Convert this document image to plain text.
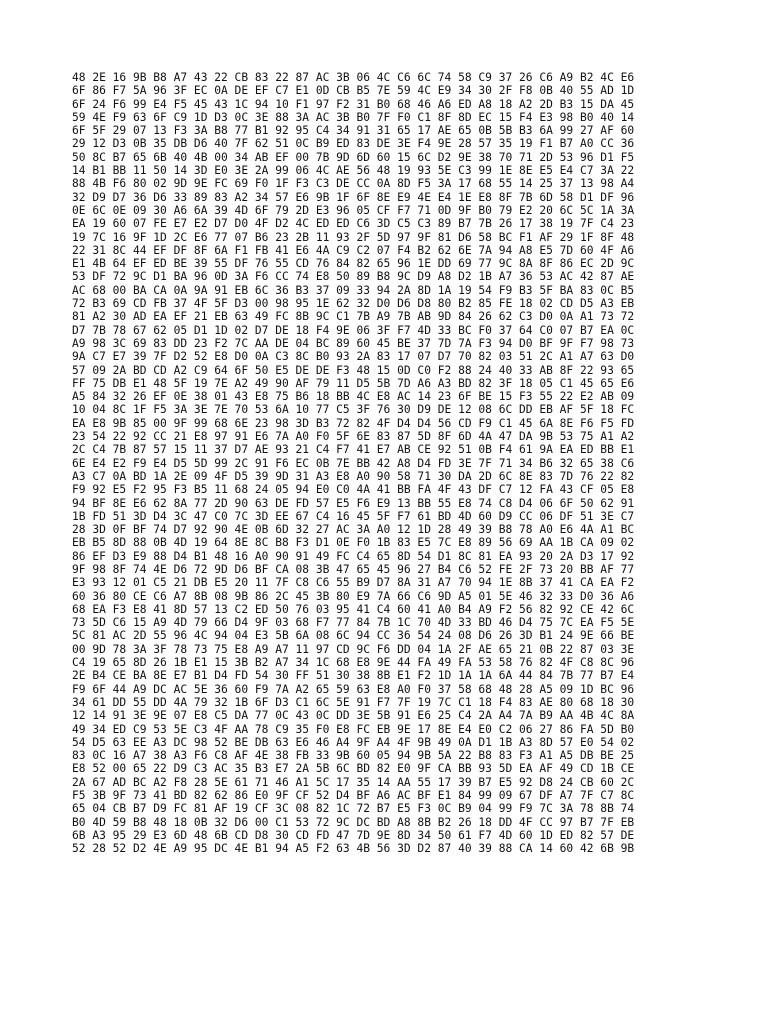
48 2E 16 9B B8 A7 43 22 CB 83 22 87 AC 3B 06 4C C6 6C 74 58 C9 37 26 C6 A9 B2 4C E6
6F 86 F7 5A 96 3F EC 0A DE EF C7 E1 0D CB B5 7E 59 4C E9 34 30 2F F8 0B 40 55 AD 1D
6F 24 F6 99 E4 F5 45 43 1C 94 10 F1 97 F2 31 B0 68 46 A6 ED A8 18 A2 2D B3 15 DA 45
59 4E F9 63 6F C9 1D D3 0C 3E 88 3A AC 3B B0 7F F0 C1 8F 8D EC 15 F4 E3 98 B0 40 14
6F 5F 29 07 13 F3 3A B8 77 B1 92 95 C4 34 91 31 65 17 AE 65 0B 5B B3 6A 99 27 AF 60
29 12 D3 0B 35 DB D6 40 7F 62 51 0C B9 ED 83 DE 3E F4 9E 28 57 35 19 F1 B7 A0 CC 36
50 8C B7 65 6B 40 4B 00 34 AB EF 00 7B 9D 6D 60 15 6C D2 9E 38 70 71 2D 53 96 D1 F5
14 B1 BB 11 50 14 3D E0 3E 2A 99 06 4C AE 56 48 19 93 5E C3 99 1E 8E E5 E4 C7 3A 22
88 4B F6 80 02 9D 9E FC 69 F0 1F F3 C3 DE CC 0A 8D F5 3A 17 68 55 14 25 37 13 98 A4
32 D9 D7 36 D6 33 89 83 A2 34 57 E6 9B 1F 6F 8E E9 4E E4 1E E8 8F 7B 6D 58 D1 DF 96
0E 6C 0E 09 30 A6 6A 39 4D 6F 79 2D E3 96 05 CF F7 71 0D 9F B0 79 E2 20 6C 5C 1A 3A
EA 19 60 07 FE E7 E2 D7 D0 4F D2 4C ED ED C6 3D C5 C3 89 B7 7B 26 17 38 19 7F C4 23
19 7C 16 9F 1D 2C E6 77 07 B6 23 2B 11 93 2F 5D 97 9F 81 D6 58 BC F1 AF 29 1F 8F 48
22 31 8C 44 EF DF 8F 6A F1 FB 41 E6 4A C9 C2 07 F4 B2 62 6E 7A 94 A8 E5 7D 60 4F A6
E1 4B 64 EF ED BE 39 55 DF 76 55 CD 76 84 82 65 96 1E DD 69 77 9C 8A 8F 86 EC 2D 9C
53 DF 72 9C D1 BA 96 0D 3A F6 CC 74 E8 50 89 B8 9C D9 A8 D2 1B A7 36 53 AC 42 87 AE
AC 68 00 BA CA 0A 9A 91 EB 6C 36 B3 37 09 33 94 2A 8D 1A 19 54 F9 B3 5F BA 83 0C B5
72 B3 69 CD FB 37 4F 5F D3 00 98 95 1E 62 32 D0 D6 D8 80 B2 85 FE 18 02 CD D5 A3 EB
81 A2 30 AD EA EF 21 EB 63 49 FC 8B 9C C1 7B A9 7B AB 9D 84 26 62 C3 D0 0A A1 73 72
D7 7B 78 67 62 05 D1 1D 02 D7 DE 18 F4 9E 06 3F F7 4D 33 BC F0 37 64 C0 07 B7 EA 0C
A9 98 3C 69 83 DD 23 F2 7C AA DE 04 BC 89 60 45 BE 37 7D 7A F3 94 D0 BF 9F F7 98 73
9A C7 E7 39 7F D2 52 E8 D0 0A C3 8C B0 93 2A 83 17 07 D7 70 82 03 51 2C A1 A7 63 D0
57 09 2A BD CD A2 C9 64 6F 50 E5 DE DE F3 48 15 0D C0 F2 88 24 40 33 AB 8F 22 93 65
FF 75 DB E1 48 5F 19 7E A2 49 90 AF 79 11 D5 5B 7D A6 A3 BD 82 3F 18 05 C1 45 65 E6
A5 84 32 26 EF 0E 38 01 43 E8 75 B6 18 BB 4C E8 AC 14 23 6F BE 15 F3 55 22 E2 AB 09
10 04 8C 1F F5 3A 3E 7E 70 53 6A 10 77 C5 3F 76 30 D9 DE 12 08 6C DD EB AF 5F 18 FC
EA E8 9B 85 00 9F 99 68 6E 23 98 3D B3 72 82 4F D4 D4 56 CD F9 C1 45 6A 8E F6 F5 FD
23 54 22 92 CC 21 E8 97 91 E6 7A A0 F0 5F 6E 83 87 5D 8F 6D 4A 47 DA 9B 53 75 A1 A2
2C C4 7B 87 57 15 11 37 D7 AE 93 21 C4 F7 41 E7 AB CE 92 51 0B F4 61 9A EA ED BB E1
6E E4 E2 F9 E4 D5 5D 99 2C 91 F6 EC 0B 7E BB 42 A8 D4 FD 3E 7F 71 34 B6 32 65 38 C6
A3 C7 0A BD 1A 2E 09 4F D5 39 9D 31 A3 E8 A0 90 58 71 30 DA 2D 6C 8E 83 7D 76 22 82
F9 92 E5 F2 95 F3 B5 11 68 24 05 94 E0 C0 4A 41 BB FA 4F 43 DF C7 12 FA 43 CF 05 E8
94 BF 8E E6 62 8A 77 2D 90 63 DE FD 57 E5 F6 E9 13 BB 55 E8 74 C8 D4 06 6F 50 62 91
1B FD 51 3D D4 3C 47 C0 7C 3D EE 67 C4 16 45 5F F7 61 BD 4D 60 D9 CC 06 DF 51 3E C7
28 3D 0F BF 74 D7 92 90 4E 0B 6D 32 27 AC 3A A0 12 1D 28 49 39 B8 78 A0 E6 4A A1 BC
EB B5 8D 88 0B 4D 19 64 8E 8C B8 F3 D1 0E F0 1B 83 E5 7C E8 89 56 69 AA 1B CA 09 02
86 EF D3 E9 88 D4 B1 48 16 A0 90 91 49 FC C4 65 8D 54 D1 8C 81 EA 93 20 2A D3 17 92
9F 98 8F 74 4E D6 72 9D D6 BF CA 08 3B 47 65 45 96 27 B4 C6 52 FE 2F 73 20 BB AF 77
E3 93 12 01 C5 21 DB E5 20 11 7F C8 C6 55 B9 D7 8A 31 A7 70 94 1E 8B 37 41 CA EA F2
60 36 80 CE C6 A7 8B 08 9B 86 2C 45 3B 80 E9 7A 66 C6 9D A5 01 5E 46 32 33 D0 36 A6
68 EA F3 E8 41 8D 57 13 C2 ED 50 76 03 95 41 C4 60 41 A0 B4 A9 F2 56 82 92 CE 42 6C
73 5D C6 15 A9 4D 79 66 D4 9F 03 68 F7 77 84 7B 1C 70 4D 33 BD 46 D4 75 7C EA F5 5E
5C 81 AC 2D 55 96 4C 94 04 E3 5B 6A 08 6C 94 CC 36 54 24 08 D6 26 3D B1 24 9E 66 BE
00 9D 78 3A 3F 78 73 75 E8 A9 A7 11 97 CD 9C F6 DD 04 1A 2F AE 65 21 0B 22 87 03 3E
C4 19 65 8D 26 1B E1 15 3B B2 A7 34 1C 68 E8 9E 44 FA 49 FA 53 58 76 82 4F C8 8C 96
2E B4 CE BA 8E E7 B1 D4 FD 54 30 FF 51 30 38 8B E1 F2 1D 1A 1A 6A 44 84 7B 77 B7 E4
F9 6F 44 A9 DC AC 5E 36 60 F9 7A A2 65 59 63 E8 A0 F0 37 58 68 48 28 A5 09 1D BC 96
34 61 DD 55 DD 4A 79 32 1B 6F D3 C1 6C 5E 91 F7 7F 19 7C C1 18 F4 83 AE 80 68 18 30
12 14 91 3E 9E 07 E8 C5 DA 77 0C 43 0C DD 3E 5B 91 E6 25 C4 2A A4 7A B9 AA 4B 4C 8A
49 34 ED C9 53 5E C3 4F AA 78 C9 35 F0 E8 FC EB 9E 17 8E E4 E0 C2 06 27 86 FA 5D B0
54 D5 63 EE A3 DC 98 52 BE DB 63 E6 46 A4 9F A4 4F 9B 49 0A D1 1B A3 8D 57 E0 54 02
83 0C 16 A7 38 A3 F6 C8 AF 4E 38 FB 33 9B 60 05 94 9B 5A 22 B8 83 F3 A1 A5 DB BE 25
E8 52 00 65 22 D9 C3 AC 35 B3 E7 2A 5B 6C BD 82 E0 9F CA BB 93 5D EA AF 49 CD 1B CE
2A 67 AD BC A2 F8 28 5E 61 71 46 A1 5C 17 35 14 AA 55 17 39 B7 E5 92 D8 24 CB 60 2C
F5 3B 9F 73 41 BD 82 62 86 E0 9F CF 52 D4 BF A6 AC BF E1 84 99 09 67 DF A7 7F C7 8C
65 04 CB B7 D9 FC 81 AF 19 CF 3C 08 82 1C 72 B7 E5 F3 0C B9 04 99 F9 7C 3A 78 8B 74
B0 4D 59 B8 48 18 0B 32 D6 00 C1 53 72 9C DC BD A8 8B B2 26 18 DD 4F CC 97 B7 7F EB
6B A3 95 29 E3 6D 48 6B CD D8 30 CD FD 47 7D 9E 8D 34 50 61 F7 4D 60 1D ED 82 57 DE
52 28 52 D2 4E A9 95 DC 4E B1 94 A5 F2 63 4B 56 3D D2 87 40 39 88 CA 14 60 42 6B 9B
